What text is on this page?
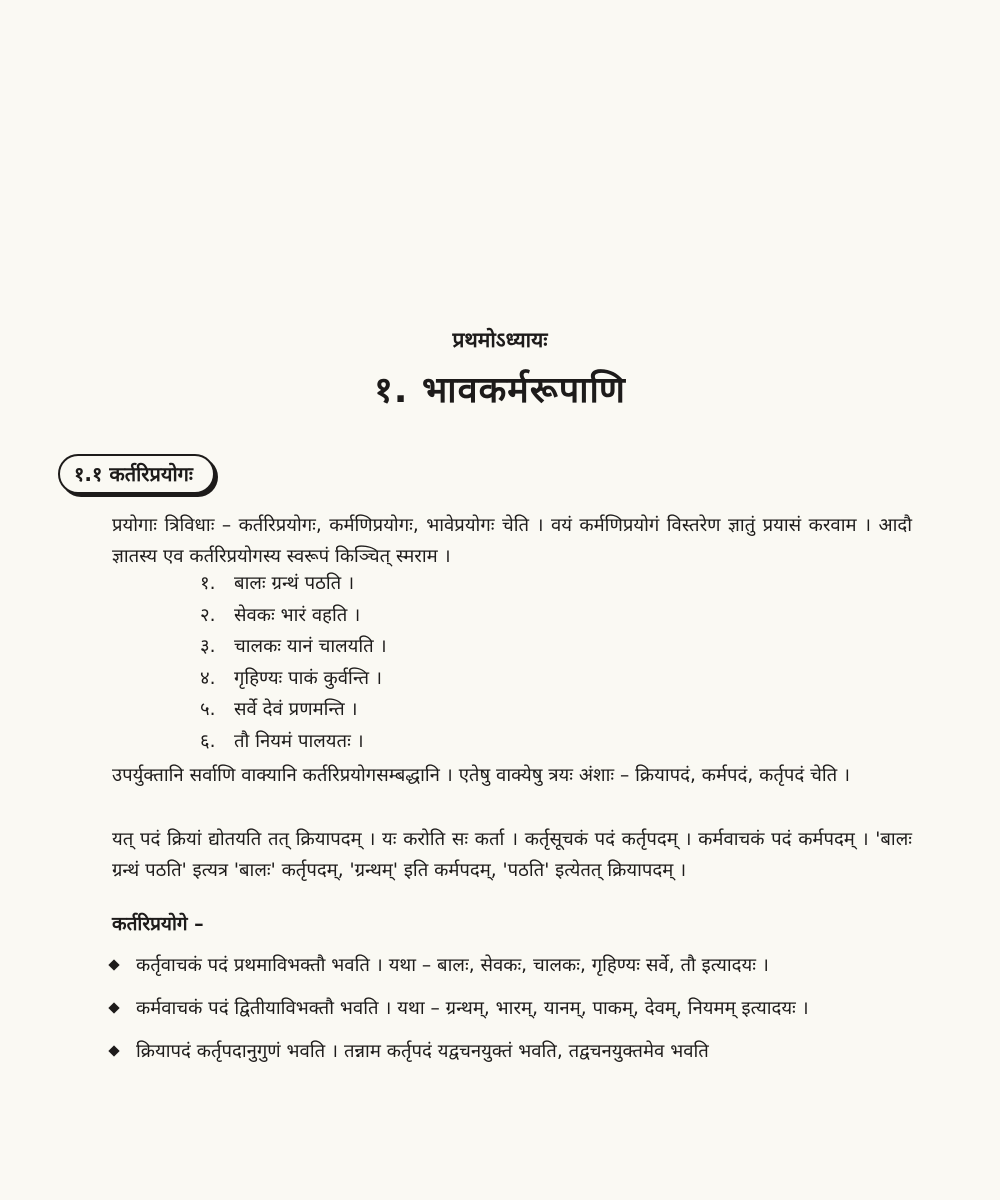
प्रथमोऽध्यायः
१. भावकर्मरूपाणि
१.१ कर्तरिप्रयोगः
प्रयोगाः त्रिविधाः – कर्तरिप्रयोगः, कर्मणिप्रयोगः, भावेप्रयोगः चेति । वयं कर्मणिप्रयोगं विस्तरेण ज्ञातुं प्रयासं करवाम । आदौ ज्ञातस्य एव कर्तरिप्रयोगस्य स्वरूपं किञ्चित् स्मराम ।
१. बालः ग्रन्थं पठति ।
२. सेवकः भारं वहति ।
३. चालकः यानं चालयति ।
४. गृहिण्यः पाकं कुर्वन्ति ।
५. सर्वे देवं प्रणमन्ति ।
६. तौ नियमं पालयतः ।
उपर्युक्तानि सर्वाणि वाक्यानि कर्तरिप्रयोगसम्बद्धानि । एतेषु वाक्येषु त्रयः अंशाः – क्रियापदं, कर्मपदं, कर्तृपदं चेति ।
यत् पदं क्रियां द्योतयति तत् क्रियापदम् । यः करोति सः कर्ता । कर्तृसूचकं पदं कर्तृपदम् । कर्मवाचकं पदं कर्मपदम् । 'बालः ग्रन्थं पठति' इत्यत्र 'बालः' कर्तृपदम्, 'ग्रन्थम्' इति कर्मपदम्, 'पठति' इत्येतत् क्रियापदम् ।
कर्तरिप्रयोगे –
कर्तृवाचकं पदं प्रथमाविभक्तौ भवति । यथा – बालः, सेवकः, चालकः, गृहिण्यः सर्वे, तौ इत्यादयः ।
कर्मवाचकं पदं द्वितीयाविभक्तौ भवति । यथा – ग्रन्थम्, भारम्, यानम्, पाकम्, देवम्, नियमम् इत्यादयः ।
क्रियापदं कर्तृपदानुगुणं भवति । तन्नाम कर्तृपदं यद्वचनयुक्तं भवति, तद्वचनयुक्तमेव भवति
